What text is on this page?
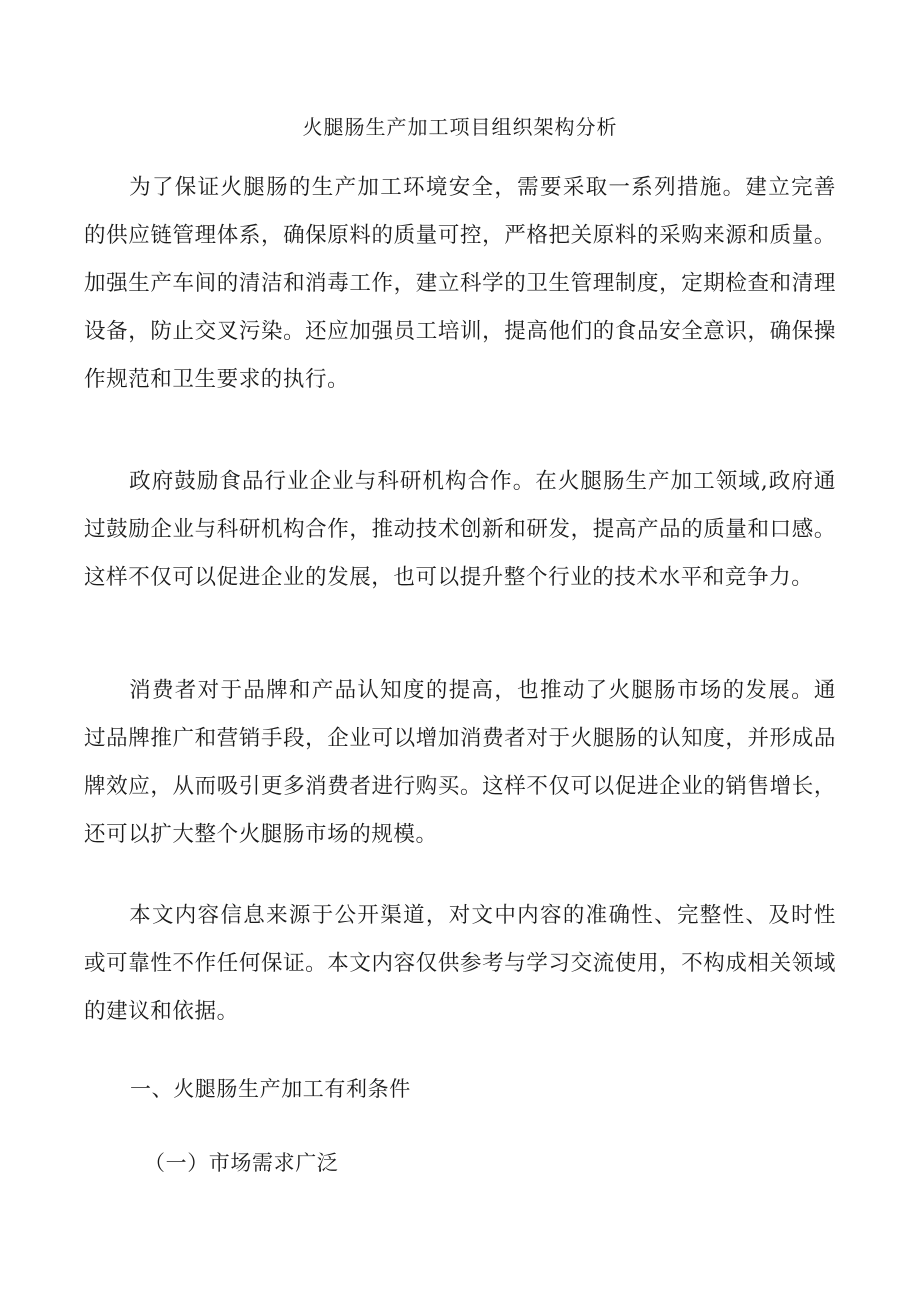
火腿肠生产加工项目组织架构分析

为了保证火腿肠的生产加工环境安全，需要采取一系列措施。建立完善的供应链管理体系，确保原料的质量可控，严格把关原料的采购来源和质量。加强生产车间的清洁和消毒工作，建立科学的卫生管理制度，定期检查和清理设备，防止交叉污染。还应加强员工培训，提高他们的食品安全意识，确保操作规范和卫生要求的执行。

政府鼓励食品行业企业与科研机构合作。在火腿肠生产加工领域,政府通过鼓励企业与科研机构合作，推动技术创新和研发，提高产品的质量和口感。这样不仅可以促进企业的发展，也可以提升整个行业的技术水平和竞争力。

消费者对于品牌和产品认知度的提高，也推动了火腿肠市场的发展。通过品牌推广和营销手段，企业可以增加消费者对于火腿肠的认知度，并形成品牌效应，从而吸引更多消费者进行购买。这样不仅可以促进企业的销售增长，还可以扩大整个火腿肠市场的规模。

本文内容信息来源于公开渠道，对文中内容的准确性、完整性、及时性或可靠性不作任何保证。本文内容仅供参考与学习交流使用，不构成相关领域的建议和依据。

一、火腿肠生产加工有利条件
（一）市场需求广泛
